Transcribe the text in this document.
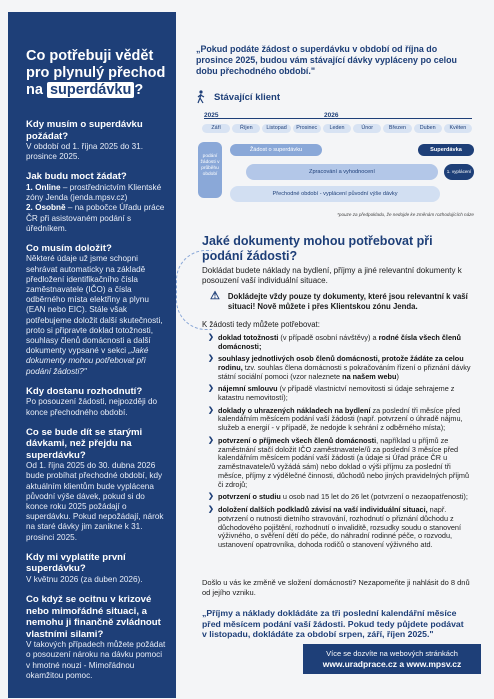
Co potřebuji vědět
pro plynulý přechod
na superdávku ?
Kdy musím o superdávku požádat?
V období od 1. října 2025 do 31. prosince 2025.
Jak budu moct žádat?
1. Online – prostřednictvím Klientské zóny Jenda (jenda.mpsv.cz)
2. Osobně – na pobočce Úřadu práce ČR při asistovaném podání s úředníkem.
Co musím doložit?
Některé údaje už jsme schopni sehrávat automaticky na základě předložení identifikačního čísla zaměstnavatele (IČO) a čísla odběrného místa elektřiny a plynu (EAN nebo EIC). Stále však potřebujeme doložit další skutečnosti, proto si připravte doklad totožnosti, souhlasy členů domácnosti a další dokumenty vypsané v sekci „Jaké dokumenty mohou potřebovat při podání žádosti?"
Kdy dostanu rozhodnutí?
Po posouzení žádosti, nejpozději do konce přechodného období.
Co se bude dít se starými dávkami, než přejdu na superdávku?
Od 1. října 2025 do 30. dubna 2026 bude probíhat přechodné období, kdy aktuálním klientům bude vyplácena původní výše dávek, pokud si do konce roku 2025 požádají o superdávku. Pokud nepožádají, nárok na staré dávky jim zanikne k 31. prosinci 2025.
Kdy mi vyplatíte první superdávku?
V květnu 2026 (za duben 2026).
Co když se ocitnu v krizové nebo mimořádné situaci, a nemohu ji finančně zvládnout vlastními silami?
V takových případech můžete požádat o posouzení nároku na dávku pomoci v hmotné nouzi - Mimořádnou okamžitou pomoc.
„Pokud podáte žádost o superdávku v období od října do prosince 2025, budou vám stávající dávky vypláceny po celou dobu přechodného období."
Stávající klient
2025	2026
Září	Říjen	Listopad	Prosinec	Leden	Únor	Březen	Duben	Květen
podání žádosti v průběhu období
Žádost o superdávku	Superdávka
Zpracování a vyhodnocení	1. vyplácení
Přechodné období - vyplácení původní výše dávky
*pouze za předpokladu, že nedojde ke změnám rozhodujících náze
Jaké dokumenty mohou potřebovat při podání žádosti?
Dokládat budete náklady na bydlení, příjmy a jiné relevantní dokumenty k posouzení vaší individuální situace.
⚠ Dokládejte vždy pouze ty dokumenty, které jsou relevantní k vaší situaci! Nově můžete i přes Klientskou zónu Jenda.
K žádosti tedy můžete potřebovat:
❯ doklad totožnosti (v případě osobní návštěvy) a rodné čísla všech členů domácnosti;
❯ souhlasy jednotlivých osob členů domácnosti, protože žádáte za celou rodinu, tzv. souhlas člena domácnosti s pokračováním řízení o přiznání dávky státní sociální pomoci (vzor naleznete na našem webu)
❯ nájemní smlouvu (v případě vlastnictví nemovitosti si údaje sehrajeme z katastru nemovitostí);
❯ doklady o uhrazených nákladech na bydlení za poslední tři měsíce před kalendářním měsícem podání vaší žádosti (např. potvrzení o úhradě nájmu, služeb a energií - v případě, že nedojde k sehrání z odběrného místa);
❯ potvrzení o příjmech všech členů domácnosti, například u příjmů ze zaměstnání stačí doložit IČO zaměstnavatele/ů za poslední 3 měsíce před kalendářním měsícem podání vaší žádosti (a údaje si Úřad práce ČR u zaměstnavatele/ů vyžádá sám) nebo doklad o výši příjmu za poslední tři měsíce, příjmy z výdělečné činnosti, důchodů nebo jiných pravidelných příjmů či zdrojů;
❯ potvrzení o studiu u osob nad 15 let do 26 let (potvrzení o nezaopatřenosti);
❯ doložení dalších podkladů závisí na vaší individuální situaci, např. potvrzení o nutnosti dietního stravování, rozhodnutí o přiznání důchodu z důchodového pojištění, rozhodnutí o invaliditě, rozsudky soudu o stanovení výživného, o svěření dětí do péče, do náhradní rodinné péče, o rozvodu, ustanovení opatrovníka, dohoda rodičů o stanovení výživného atd.
Došlo u vás ke změně ve složení domácnosti? Nezapomeňte ji nahlásit do 8 dnů od jejího vzniku.
„Příjmy a náklady dokládáte za tři poslední kalendářní měsíce před měsícem podání vaší žádosti. Pokud tedy půjdete podávat v listopadu, dokládáte za období srpen, září, říjen 2025."
Více se dozvíte na webových stránkách
www.uradprace.cz a www.mpsv.cz
